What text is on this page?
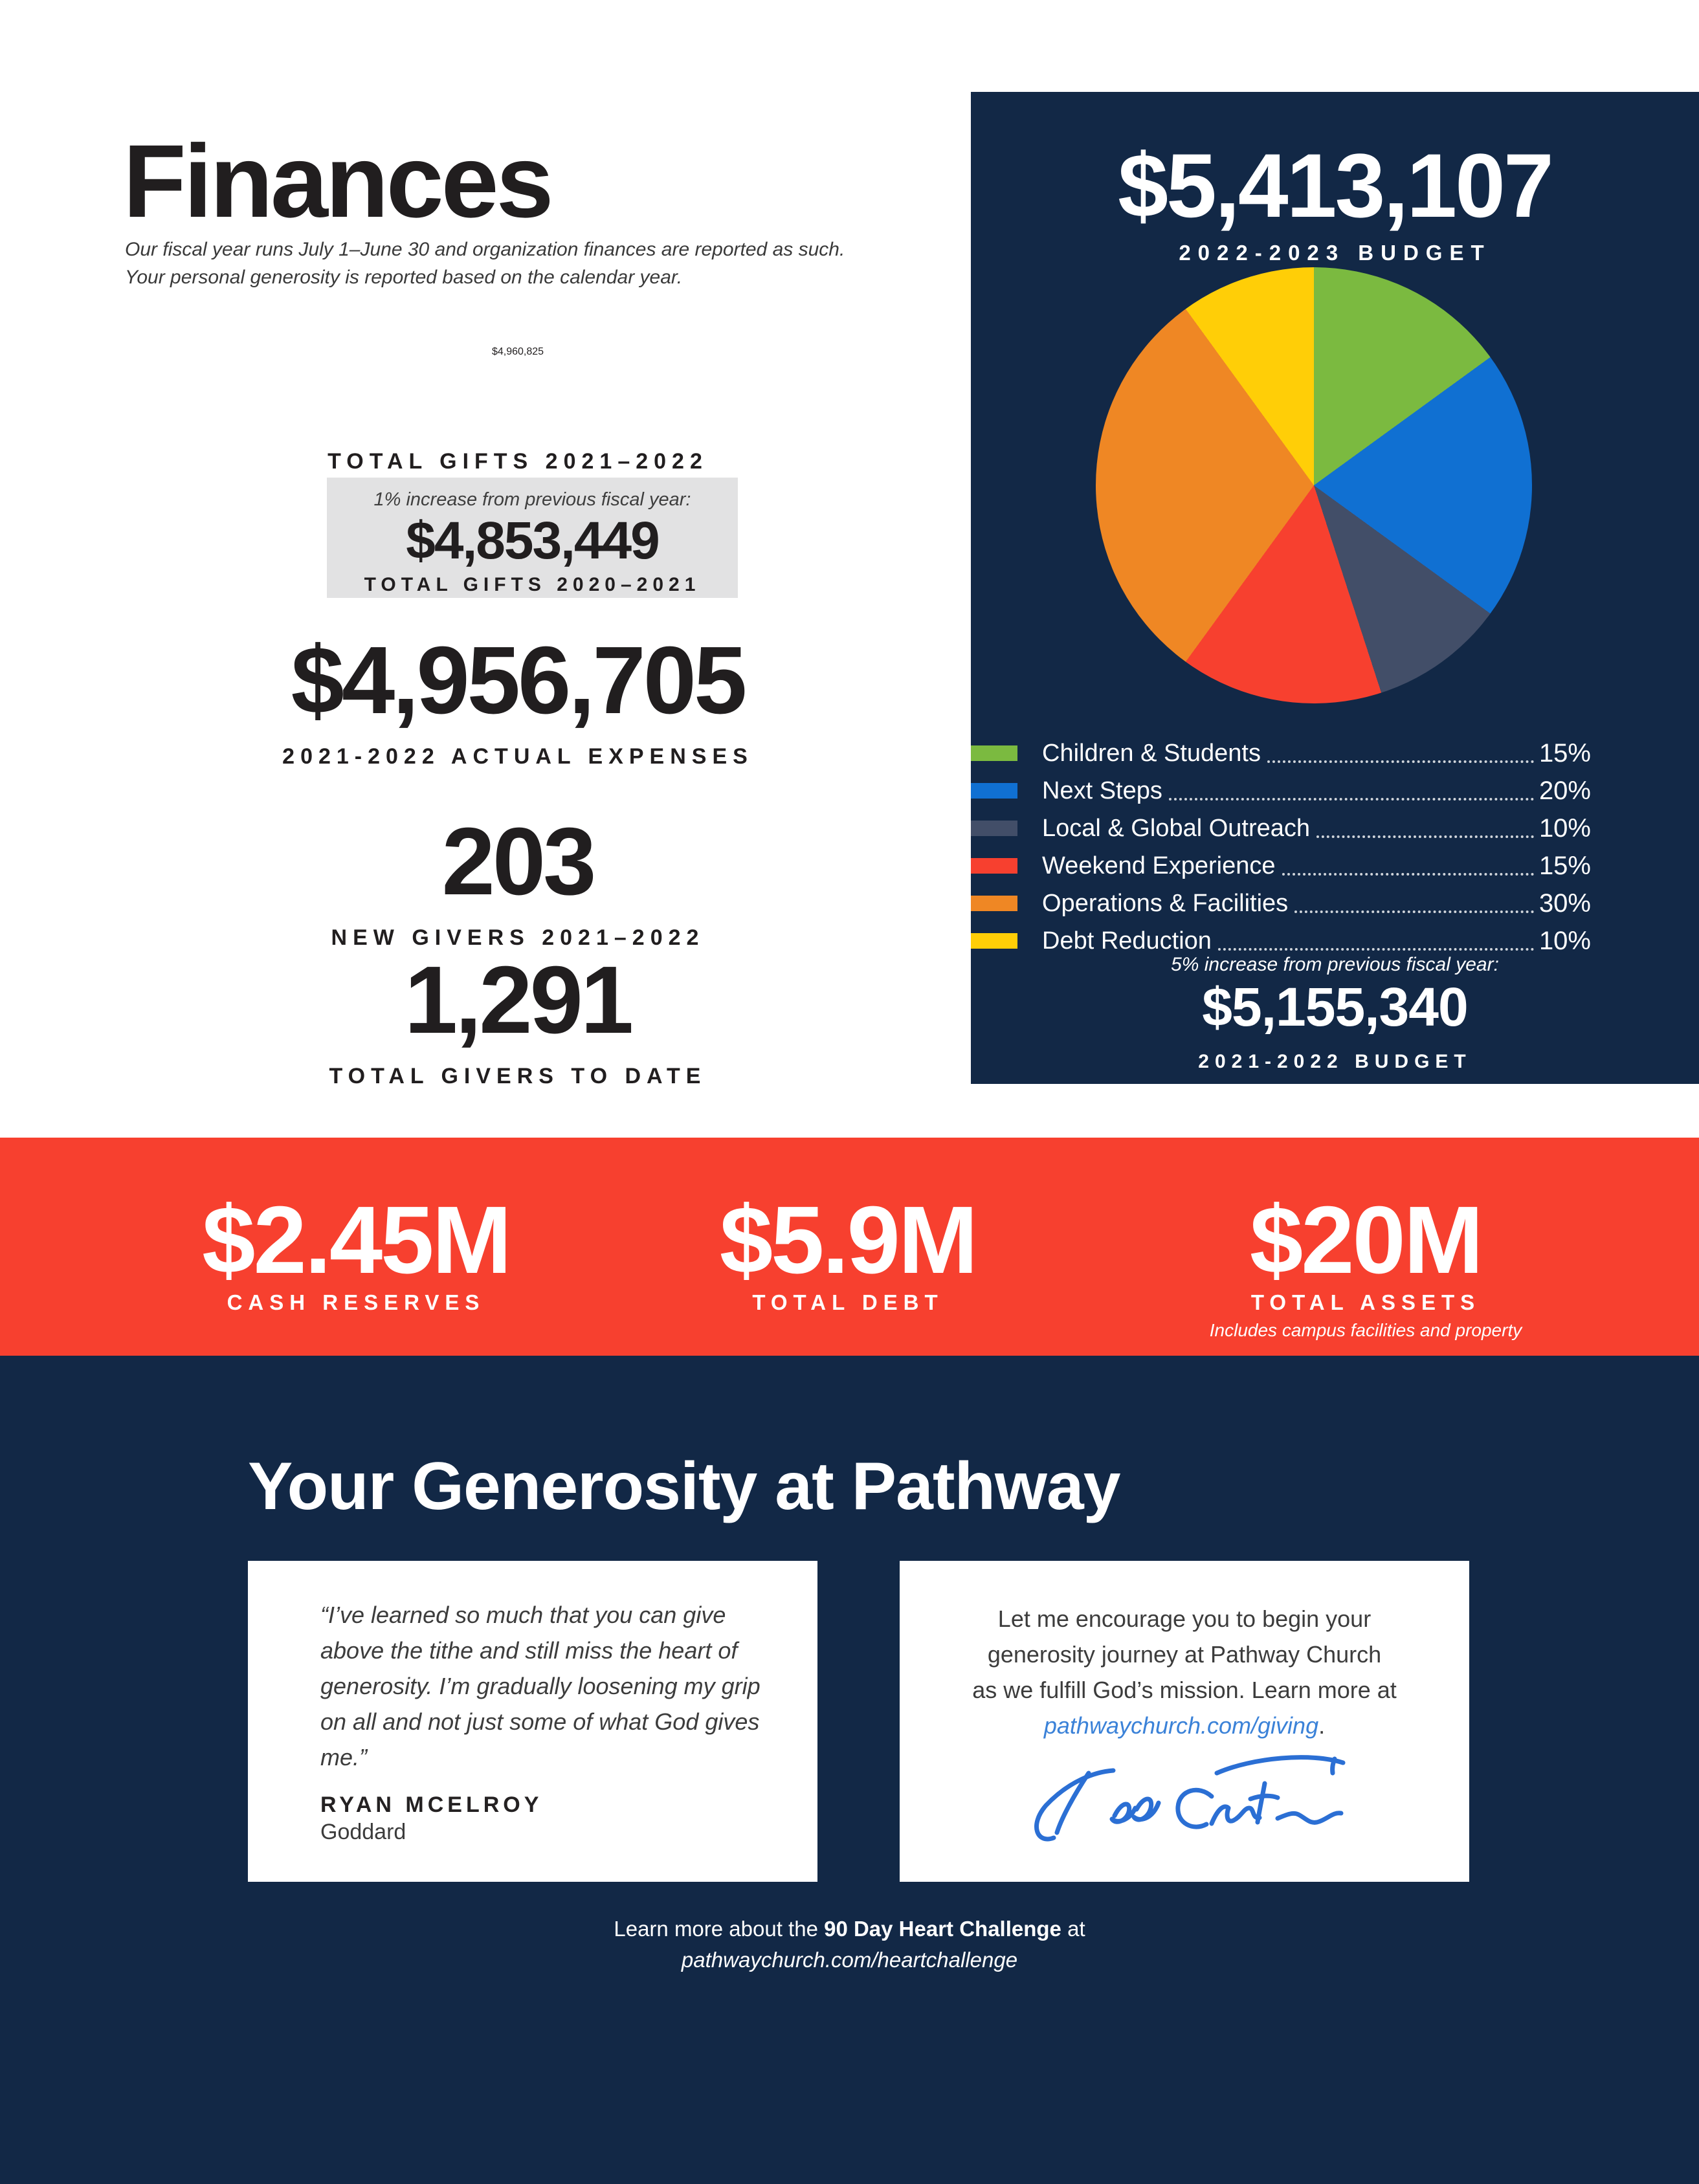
Finances
Our fiscal year runs July 1–June 30 and organization finances are reported as such.
Your personal generosity is reported based on the calendar year.
$4,960,825
TOTAL GIFTS 2021–2022
1% increase from previous fiscal year:
$4,853,449
TOTAL GIFTS 2020–2021
$4,956,705
2021-2022 ACTUAL EXPENSES
203
NEW GIVERS 2021–2022
1,291
TOTAL GIVERS TO DATE
$5,413,107
2022-2023 BUDGET
Children & Students	15%
Next Steps	20%
Local & Global Outreach	10%
Weekend Experience	15%
Operations & Facilities	30%
Debt Reduction	10%
5% increase from previous fiscal year:
$5,155,340
2021-2022 BUDGET
$2.45M
CASH RESERVES
$5.9M
TOTAL DEBT
$20M
TOTAL ASSETS
Includes campus facilities and property
Your Generosity at Pathway
“I’ve learned so much that you can give above the tithe and still miss the heart of generosity. I’m gradually loosening my grip on all and not just some of what God gives me.”
RYAN MCELROY
Goddard
Let me encourage you to begin your
generosity journey at Pathway Church
as we fulfill God’s mission. Learn more at
pathwaychurch.com/giving.
Learn more about the 90 Day Heart Challenge at
pathwaychurch.com/heartchallenge
